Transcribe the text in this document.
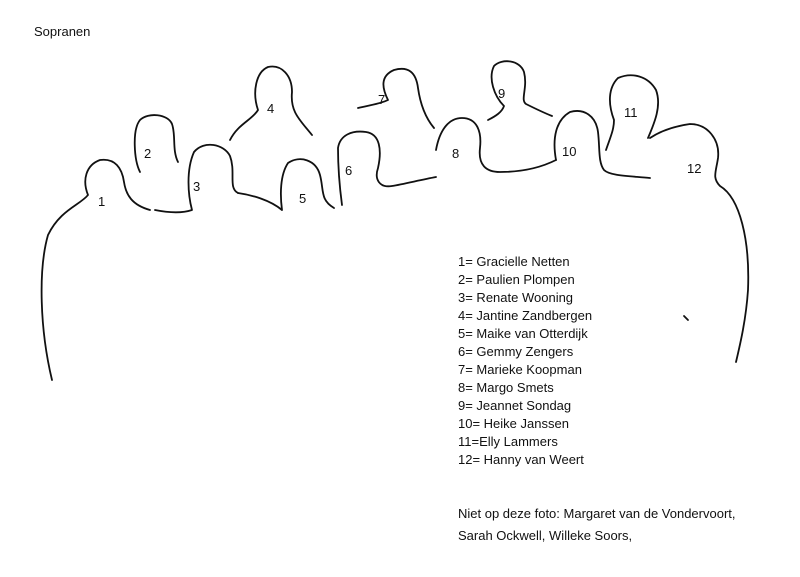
Sopranen
1
2
3
4
5
6
7
8
9
10
11
12
1= Gracielle Netten
2= Paulien Plompen
3= Renate Wooning
4= Jantine Zandbergen
5= Maike van Otterdijk
6= Gemmy Zengers
7= Marieke Koopman
8= Margo Smets
9= Jeannet Sondag
10= Heike Janssen
11=Elly Lammers
12= Hanny van Weert
Niet op deze foto: Margaret van de Vondervoort,
Sarah Ockwell, Willeke Soors,
